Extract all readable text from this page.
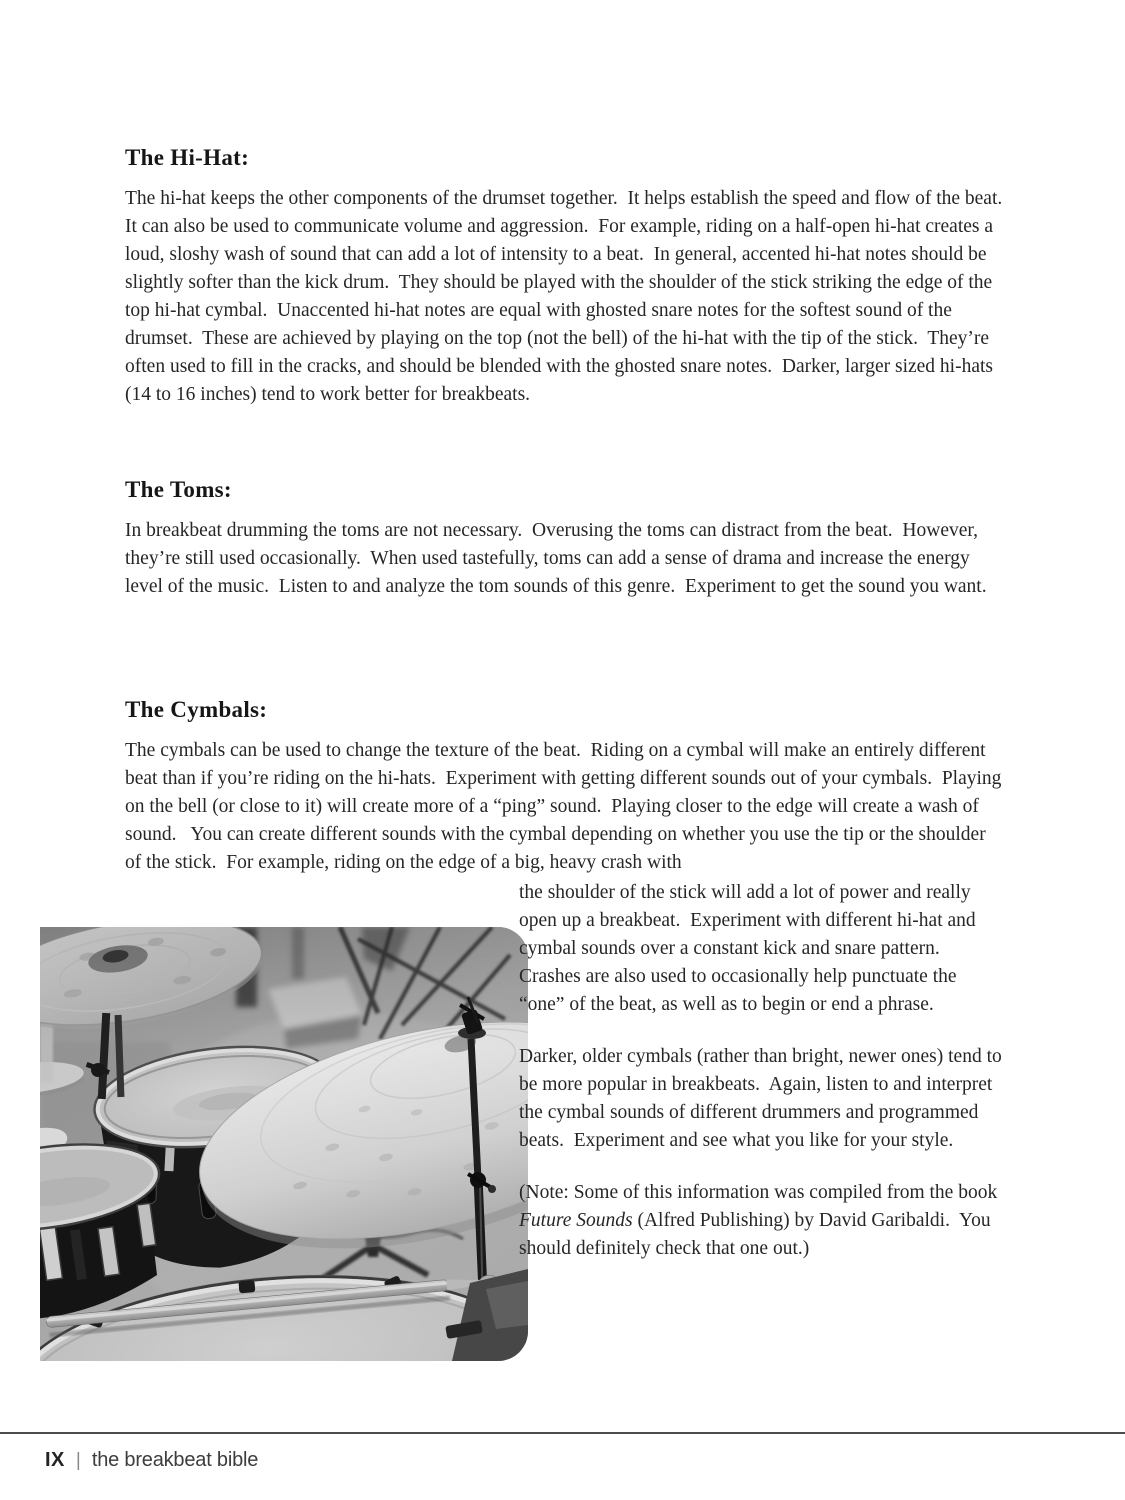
The Hi-Hat:

The hi-hat keeps the other components of the drumset together.  It helps establish the speed and flow of the beat.  It can also be used to communicate volume and aggression.  For example, riding on a half-open hi-hat creates a loud, sloshy wash of sound that can add a lot of intensity to a beat.  In general, accented hi-hat notes should be slightly softer than the kick drum.  They should be played with the shoulder of the stick striking the edge of the top hi-hat cymbal.  Unaccented hi-hat notes are equal with ghosted snare notes for the softest sound of the drumset.  These are achieved by playing on the top (not the bell) of the hi-hat with the tip of the stick.  They’re often used to fill in the cracks, and should be blended with the ghosted snare notes.  Darker, larger sized hi-hats (14 to 16 inches) tend to work better for breakbeats.

The Toms:

In breakbeat drumming the toms are not necessary.  Overusing the toms can distract from the beat.  However, they’re still used occasionally.  When used tastefully, toms can add a sense of drama and increase the energy level of the music.  Listen to and analyze the tom sounds of this genre.  Experiment to get the sound you want.

The Cymbals:

The cymbals can be used to change the texture of the beat.  Riding on a cymbal will make an entirely different beat than if you’re riding on the hi-hats.  Experiment with getting different sounds out of your cymbals.  Playing on the bell (or close to it) will create more of a “ping” sound.  Playing closer to the edge will create a wash of sound.   You can create different sounds with the cymbal depending on whether you use the tip or the shoulder of the stick.  For example, riding on the edge of a big, heavy crash with

the shoulder of the stick will add a lot of power and really open up a breakbeat.  Experiment with different hi-hat and cymbal sounds over a constant kick and snare pattern.  Crashes are also used to occasionally help punctuate the “one” of the beat, as well as to begin or end a phrase.

Darker, older cymbals (rather than bright, newer ones) tend to be more popular in breakbeats.  Again, listen to and interpret the cymbal sounds of different drummers and programmed beats.  Experiment and see what you like for your style.

(Note: Some of this information was compiled from the book Future Sounds (Alfred Publishing) by David Garibaldi.  You should definitely check that one out.)

IX | the breakbeat bible
